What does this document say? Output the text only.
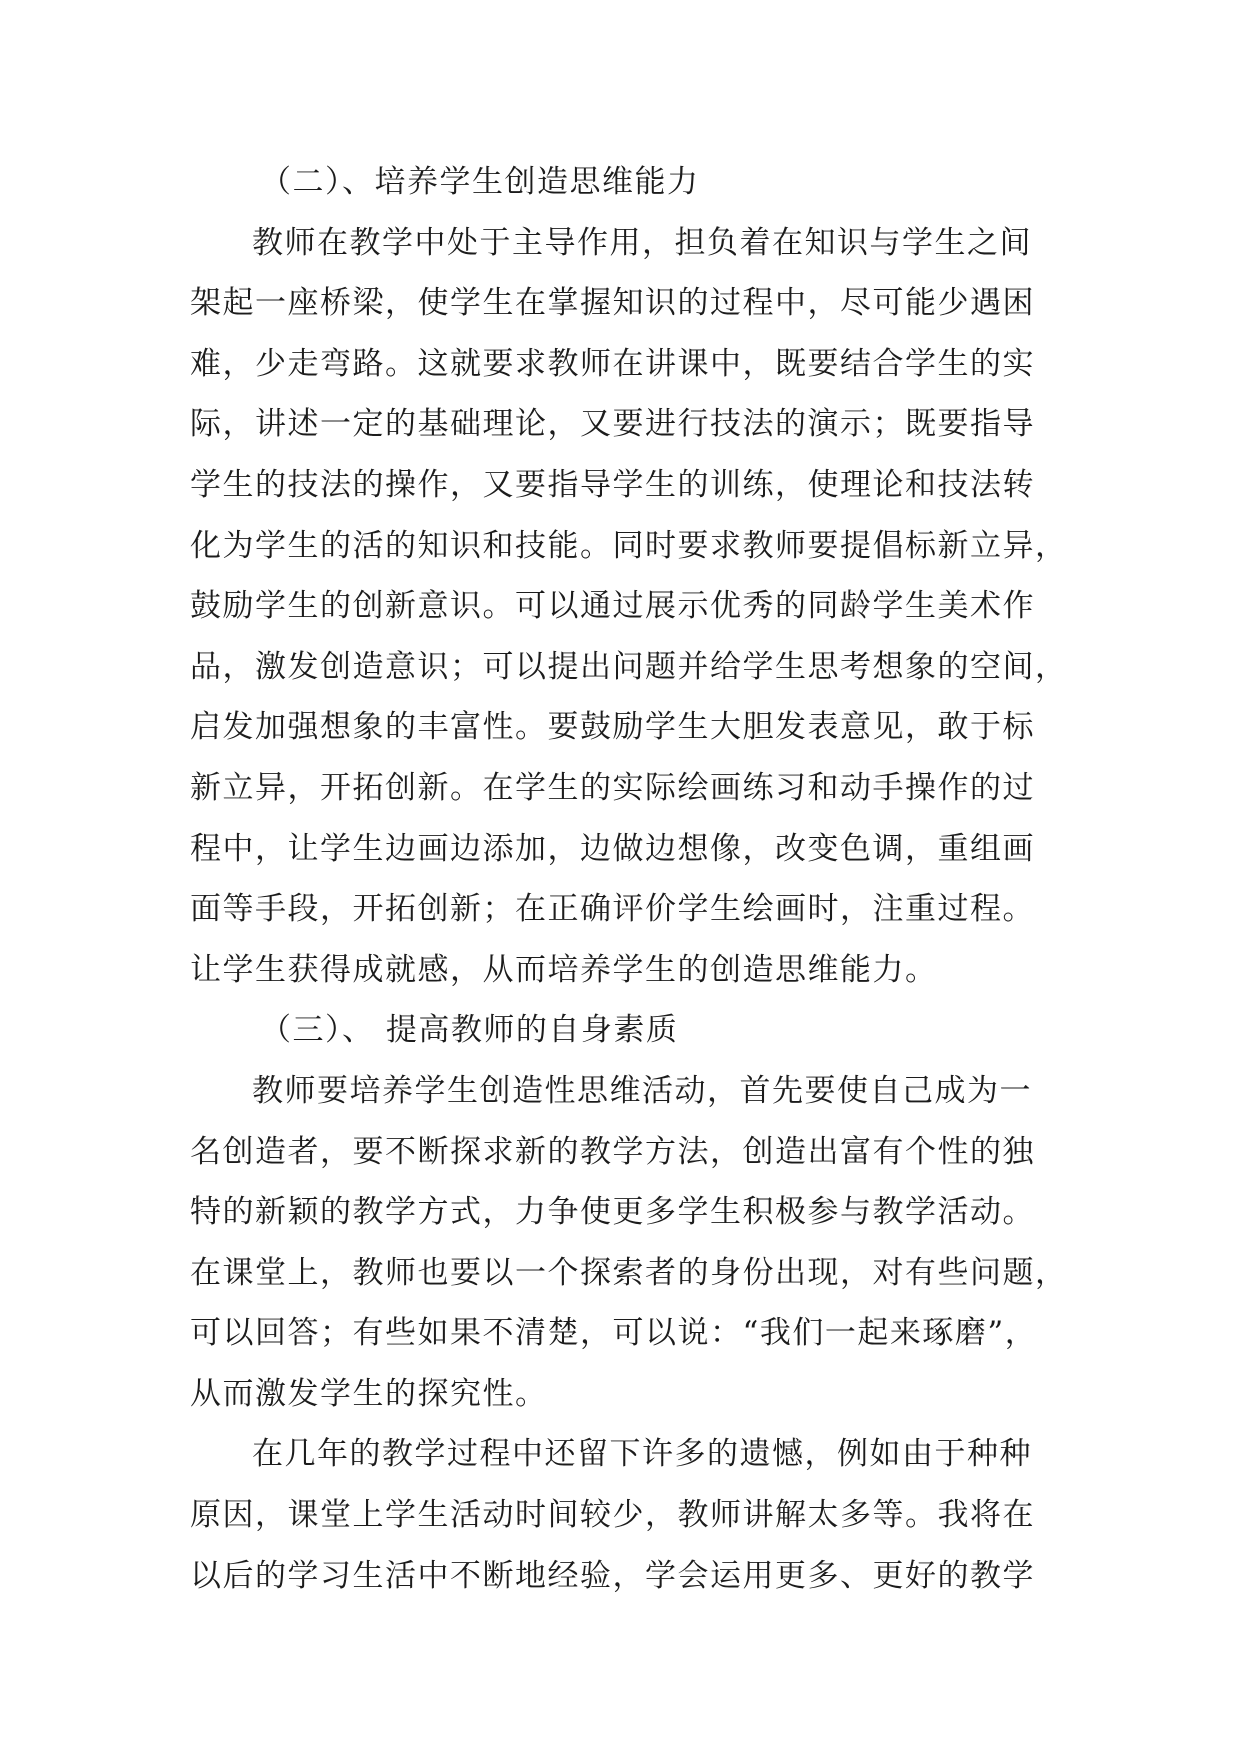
（二）、培养学生创造思维能力
教师在教学中处于主导作用，担负着在知识与学生之间
架起一座桥梁，使学生在掌握知识的过程中，尽可能少遇困
难，少走弯路。这就要求教师在讲课中，既要结合学生的实
际，讲述一定的基础理论，又要进行技法的演示；既要指导
学生的技法的操作，又要指导学生的训练，使理论和技法转
化为学生的活的知识和技能。同时要求教师要提倡标新立异，
鼓励学生的创新意识。可以通过展示优秀的同龄学生美术作
品，激发创造意识；可以提出问题并给学生思考想象的空间，
启发加强想象的丰富性。要鼓励学生大胆发表意见，敢于标
新立异，开拓创新。在学生的实际绘画练习和动手操作的过
程中，让学生边画边添加，边做边想像，改变色调，重组画
面等手段，开拓创新；在正确评价学生绘画时，注重过程。
让学生获得成就感，从而培养学生的创造思维能力。
（三）、 提高教师的自身素质
教师要培养学生创造性思维活动，首先要使自己成为一
名创造者，要不断探求新的教学方法，创造出富有个性的独
特的新颖的教学方式，力争使更多学生积极参与教学活动。
在课堂上，教师也要以一个探索者的身份出现，对有些问题，
可以回答；有些如果不清楚，可以说：“我们一起来琢磨”，
从而激发学生的探究性。
在几年的教学过程中还留下许多的遗憾，例如由于种种
原因，课堂上学生活动时间较少，教师讲解太多等。我将在
以后的学习生活中不断地经验，学会运用更多、更好的教学
